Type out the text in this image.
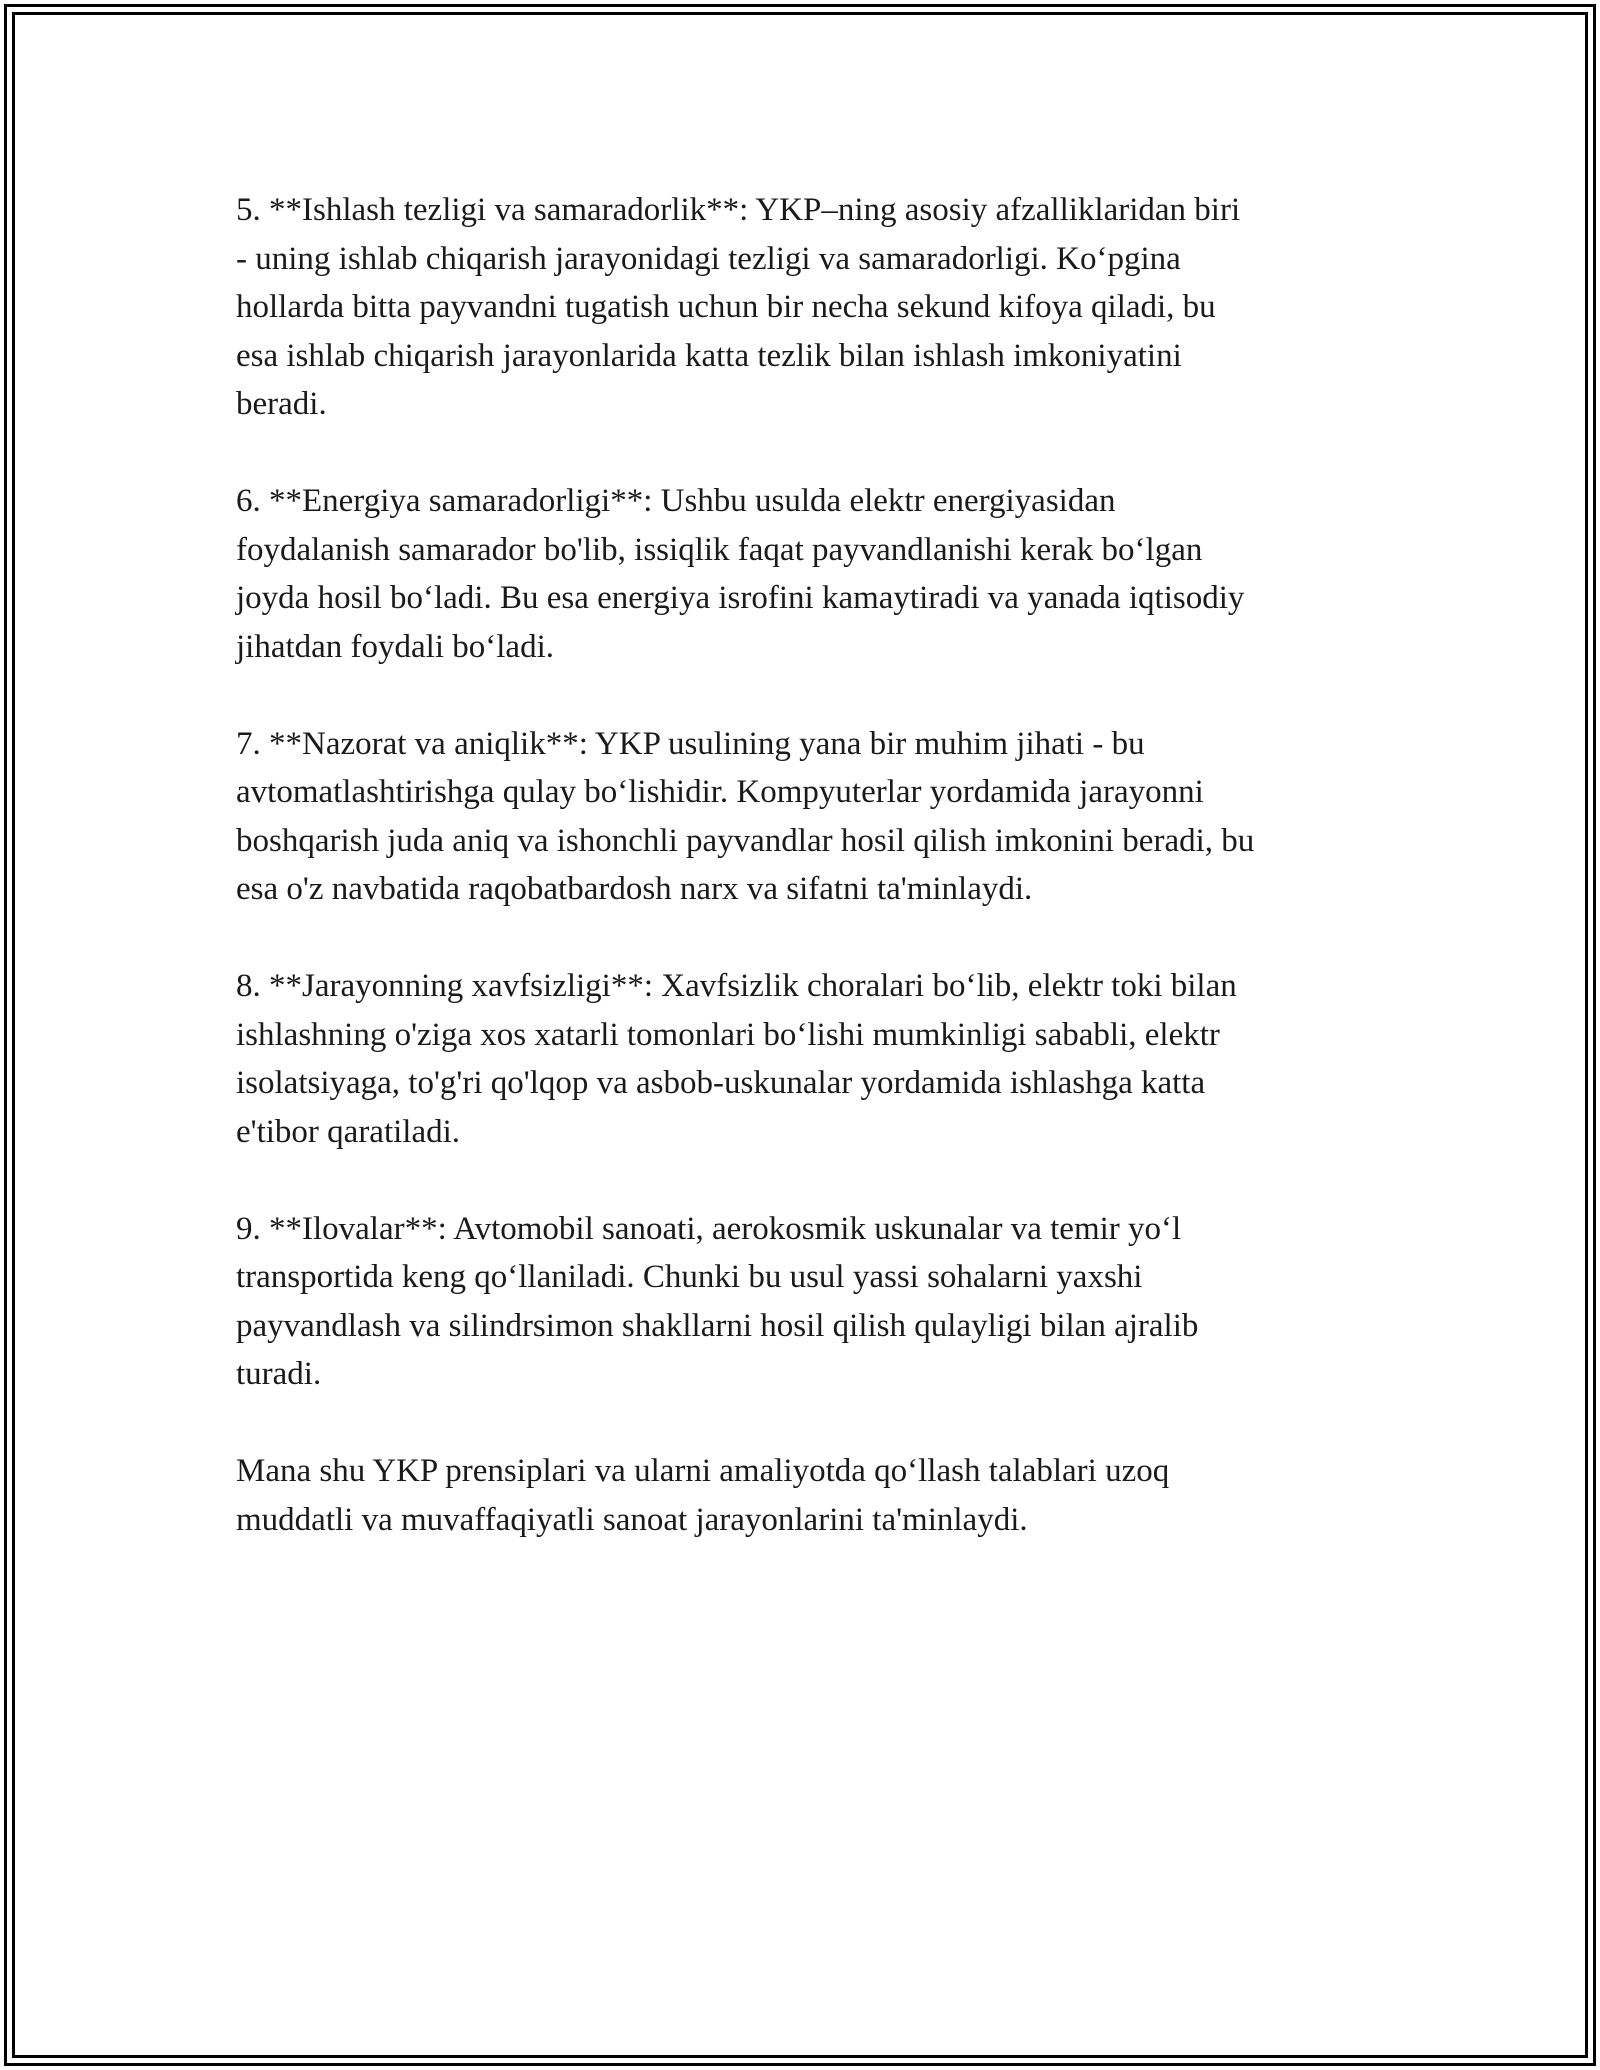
5. **Ishlash tezligi va samaradorlik**: YKP–ning asosiy afzalliklaridan biri
- uning ishlab chiqarish jarayonidagi tezligi va samaradorligi. Koʻpgina
hollarda bitta payvandni tugatish uchun bir necha sekund kifoya qiladi, bu
esa ishlab chiqarish jarayonlarida katta tezlik bilan ishlash imkoniyatini
beradi.

6. **Energiya samaradorligi**: Ushbu usulda elektr energiyasidan
foydalanish samarador bo'lib, issiqlik faqat payvandlanishi kerak boʻlgan
joyda hosil boʻladi. Bu esa energiya isrofini kamaytiradi va yanada iqtisodiy
jihatdan foydali boʻladi.

7. **Nazorat va aniqlik**: YKP usulining yana bir muhim jihati - bu
avtomatlashtirishga qulay boʻlishidir. Kompyuterlar yordamida jarayonni
boshqarish juda aniq va ishonchli payvandlar hosil qilish imkonini beradi, bu
esa o'z navbatida raqobatbardosh narx va sifatni ta'minlaydi.

8. **Jarayonning xavfsizligi**: Xavfsizlik choralari boʻlib, elektr toki bilan
ishlashning o'ziga xos xatarli tomonlari boʻlishi mumkinligi sababli, elektr
isolatsiyaga, to'g'ri qo'lqop va asbob-uskunalar yordamida ishlashga katta
e'tibor qaratiladi.

9. **Ilovalar**: Avtomobil sanoati, aerokosmik uskunalar va temir yoʻl
transportida keng qoʻllaniladi. Chunki bu usul yassi sohalarni yaxshi
payvandlash va silindrsimon shakllarni hosil qilish qulayligi bilan ajralib
turadi.

Mana shu YKP prensiplari va ularni amaliyotda qoʻllash talablari uzoq
muddatli va muvaffaqiyatli sanoat jarayonlarini ta'minlaydi.
